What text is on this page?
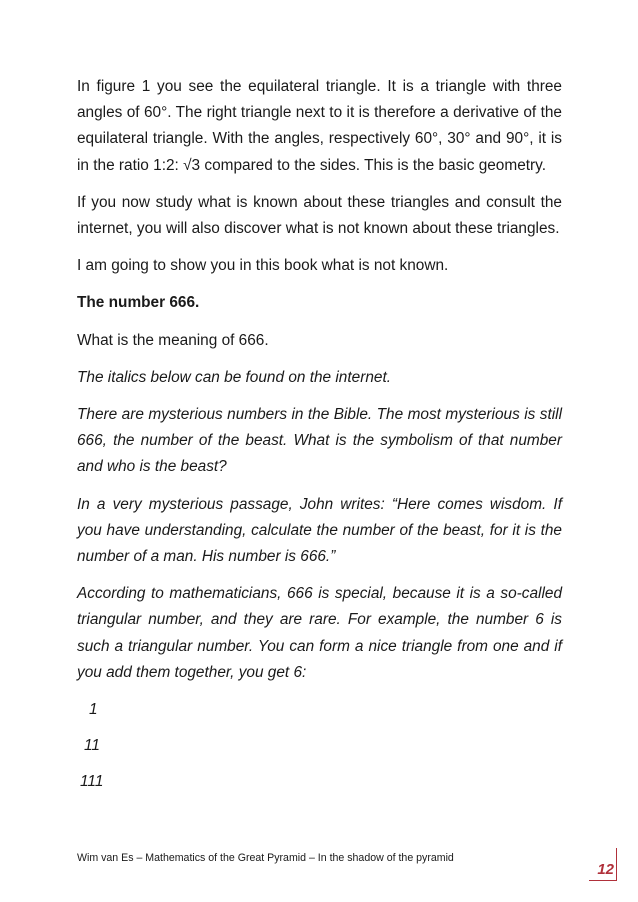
In figure 1 you see the equilateral triangle. It is a triangle with three angles of 60°. The right triangle next to it is therefore a derivative of the equilateral triangle. With the angles, respectively 60°, 30° and 90°, it is in the ratio 1:2: √3 compared to the sides. This is the basic geometry.

If you now study what is known about these triangles and consult the internet, you will also discover what is not known about these triangles.

I am going to show you in this book what is not known.

The number 666.

What is the meaning of 666.

The italics below can be found on the internet.

There are mysterious numbers in the Bible. The most mysterious is still 666, the number of the beast. What is the symbolism of that number and who is the beast?

In a very mysterious passage, John writes: “Here comes wisdom. If you have understanding, calculate the number of the beast, for it is the number of a man. His number is 666.”

According to mathematicians, 666 is special, because it is a so-called triangular number, and they are rare. For example, the number 6 is such a triangular number. You can form a nice triangle from one and if you add them together, you get 6:

1
11
111
Wim van Es – Mathematics of the Great Pyramid – In the shadow of the pyramid
12
